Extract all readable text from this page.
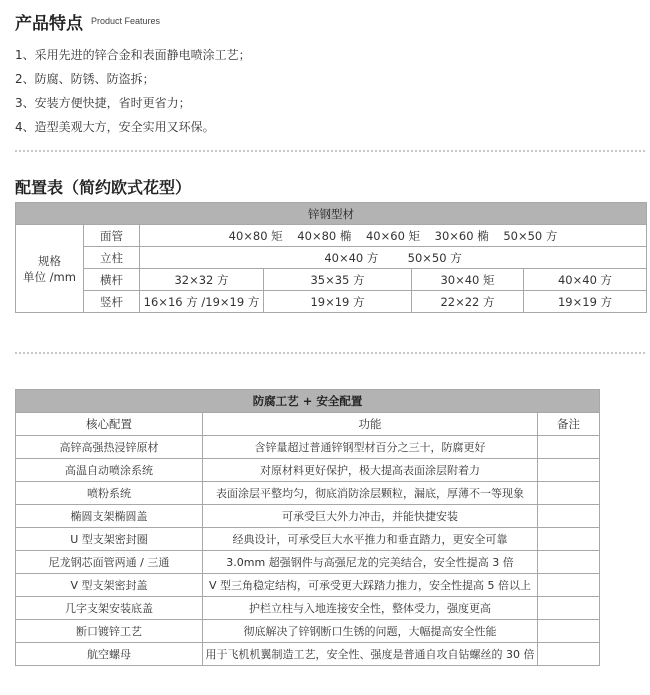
产品特点 Product Features
1、采用先进的锌合金和表面静电喷涂工艺；
2、防腐、防锈、防盗拆；
3、安装方便快捷，省时更省力；
4、造型美观大方，安全实用又环保。
配置表（简约欧式花型）
锌钢型材					

规格
单位 /mm	面管	40×80 矩    40×80 椭    40×60 矩    30×60 椭    50×50 方			
	立柱	40×40 方        50×50 方			
	横杆	32×32 方	35×35 方	30×40 矩	40×40 方
	竖杆	16×16 方 /19×19 方	19×19 方	22×22 方	19×19 方
防腐工艺 + 安全配置		
核心配置	功能	备注
高锌高强热浸锌原材	含锌量超过普通锌钢型材百分之三十，防腐更好	
高温自动喷涂系统	对原材料更好保护，极大提高表面涂层附着力	
喷粉系统	表面涂层平整均匀，彻底消防涂层颗粒，漏底，厚薄不一等现象	
椭圆支架椭圆盖	可承受巨大外力冲击，并能快捷安装	
U 型支架密封圈	经典设计，可承受巨大水平推力和垂直踏力，更安全可靠	
尼龙钢芯面管两通 / 三通	3.0mm 超强钢件与高强尼龙的完美结合，安全性提高 3 倍	
V 型支架密封盖	V 型三角稳定结构，可承受更大踩踏力推力，安全性提高 5 倍以上	
几字支架安装底盖	护栏立柱与入地连接安全性，整体受力，强度更高	
断口镀锌工艺	彻底解决了锌钢断口生锈的问题，大幅提高安全性能	
航空螺母	用于飞机机翼制造工艺，安全性、强度是普通自攻自钻螺丝的 30 倍	
